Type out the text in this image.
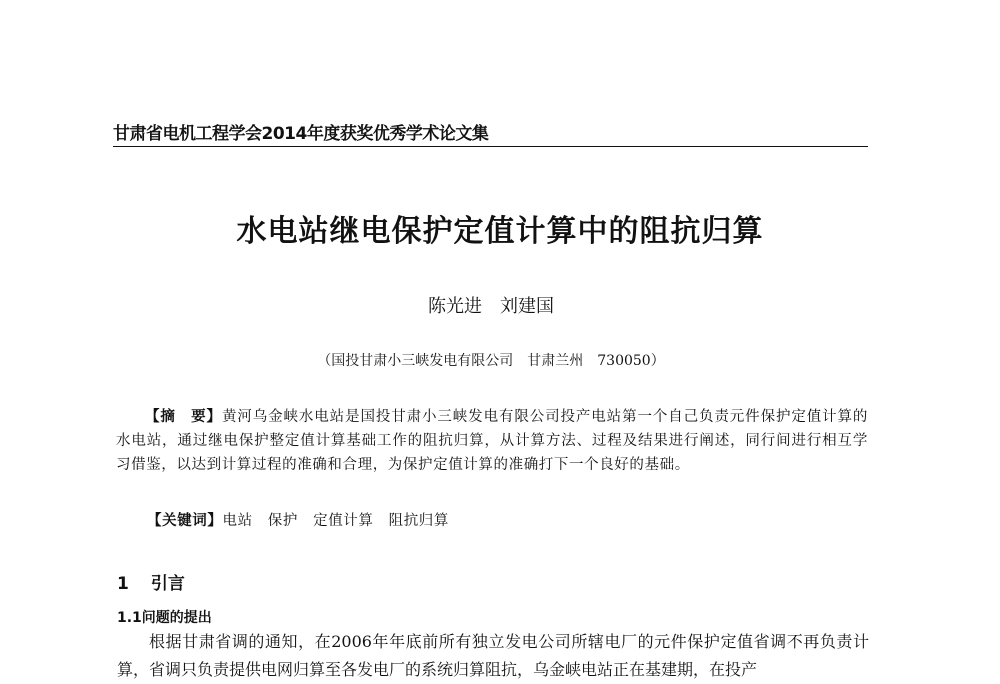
甘肃省电机工程学会2014年度获奖优秀学术论文集
水电站继电保护定值计算中的阻抗归算
陈光进　刘建国
（国投甘肃小三峡发电有限公司　甘肃兰州　730050）
【摘　要】黄河乌金峡水电站是国投甘肃小三峡发电有限公司投产电站第一个自己负责元件保护定值计算的水电站，通过继电保护整定值计算基础工作的阻抗归算，从计算方法、过程及结果进行阐述，同行间进行相互学习借鉴，以达到计算过程的准确和合理，为保护定值计算的准确打下一个良好的基础。
【关键词】电站　保护　定值计算　阻抗归算
1 引言
1.1问题的提出
根据甘肃省调的通知，在2006年年底前所有独立发电公司所辖电厂的元件保护定值省调不再负责计算，省调只负责提供电网归算至各发电厂的系统归算阻抗，乌金峡电站正在基建期，在投产
